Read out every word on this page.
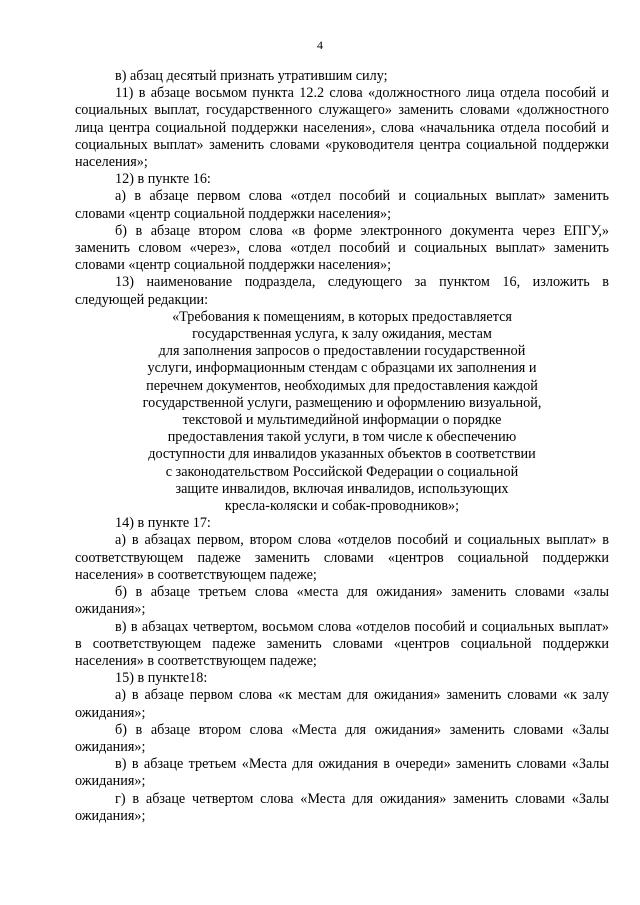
4

в) абзац десятый признать утратившим силу;

11) в абзаце восьмом пункта 12.2 слова «должностного лица отдела пособий и социальных выплат, государственного служащего» заменить словами «должностного лица центра социальной поддержки населения», слова «начальника отдела пособий и социальных выплат» заменить словами «руководителя центра социальной поддержки населения»;

12) в пункте 16:

а) в абзаце первом слова «отдел пособий и социальных выплат» заменить словами «центр социальной поддержки населения»;

б) в абзаце втором слова «в форме электронного документа через ЕПГУ,» заменить словом «через», слова «отдел пособий и социальных выплат» заменить словами «центр социальной поддержки населения»;

13) наименование подраздела, следующего за пунктом 16, изложить в следующей редакции:

«Требования к помещениям, в которых предоставляется
государственная услуга, к залу ожидания, местам
для заполнения запросов о предоставлении государственной
услуги, информационным стендам с образцами их заполнения и
перечнем документов, необходимых для предоставления каждой
государственной услуги, размещению и оформлению визуальной,
текстовой и мультимедийной информации о порядке
предоставления такой услуги, в том числе к обеспечению
доступности для инвалидов указанных объектов в соответствии
с законодательством Российской Федерации о социальной
защите инвалидов, включая инвалидов, использующих
кресла-коляски и собак-проводников»;

14) в пункте 17:

а) в абзацах первом, втором слова «отделов пособий и социальных выплат» в соответствующем падеже заменить словами «центров социальной поддержки населения» в соответствующем падеже;

б) в абзаце третьем слова «места для ожидания» заменить словами «залы ожидания»;

в) в абзацах четвертом, восьмом слова «отделов пособий и социальных выплат» в соответствующем падеже заменить словами «центров социальной поддержки населения» в соответствующем падеже;

15) в пункте18:

а) в абзаце первом слова «к местам для ожидания» заменить словами «к залу ожидания»;

б) в абзаце втором слова «Места для ожидания» заменить словами «Залы ожидания»;

в) в абзаце третьем «Места для ожидания в очереди» заменить словами «Залы ожидания»;

г) в абзаце четвертом слова «Места для ожидания» заменить словами «Залы ожидания»;
